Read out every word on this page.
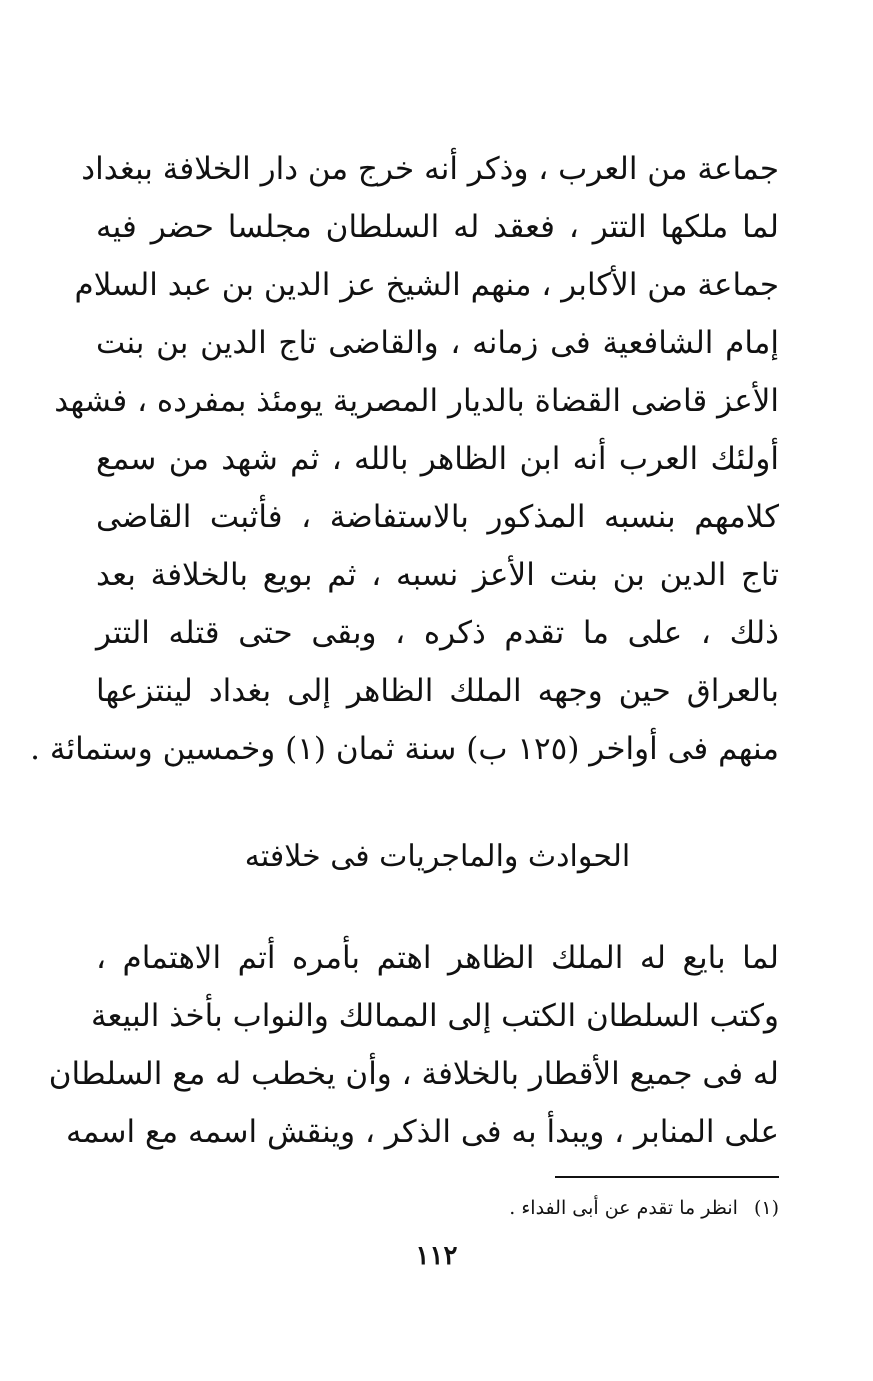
جماعة من العرب ، وذكر أنه خرج من دار الخلافة ببغداد
لما ملكها التتر ، فعقد له السلطان مجلسا حضر فيه
جماعة من الأكابر ، منهم الشيخ عز الدين بن عبد السلام
إمام الشافعية فى زمانه ، والقاضى تاج الدين بن بنت
الأعز قاضى القضاة بالديار المصرية يومئذ بمفرده ، فشهد
أولئك العرب أنه ابن الظاهر بالله ، ثم شهد من سمع
كلامهم بنسبه المذكور بالاستفاضة ، فأثبت القاضى
تاج الدين بن بنت الأعز نسبه ، ثم بويع بالخلافة بعد
ذلك ، على ما تقدم ذكره ، وبقى حتى قتله التتر
بالعراق حين وجهه الملك الظاهر إلى بغداد لينتزعها
منهم فى أواخر (١٢٥ ب) سنة ثمان (١) وخمسين وستمائة .
الحوادث والماجريات فى خلافته
لما بايع له الملك الظاهر اهتم بأمره أتم الاهتمام ،
وكتب السلطان الكتب إلى الممالك والنواب بأخذ البيعة
له فى جميع الأقطار بالخلافة ، وأن يخطب له مع السلطان
على المنابر ، ويبدأ به فى الذكر ، وينقش اسمه مع اسمه
(١) انظر ما تقدم عن أبى الفداء .
١١٢
